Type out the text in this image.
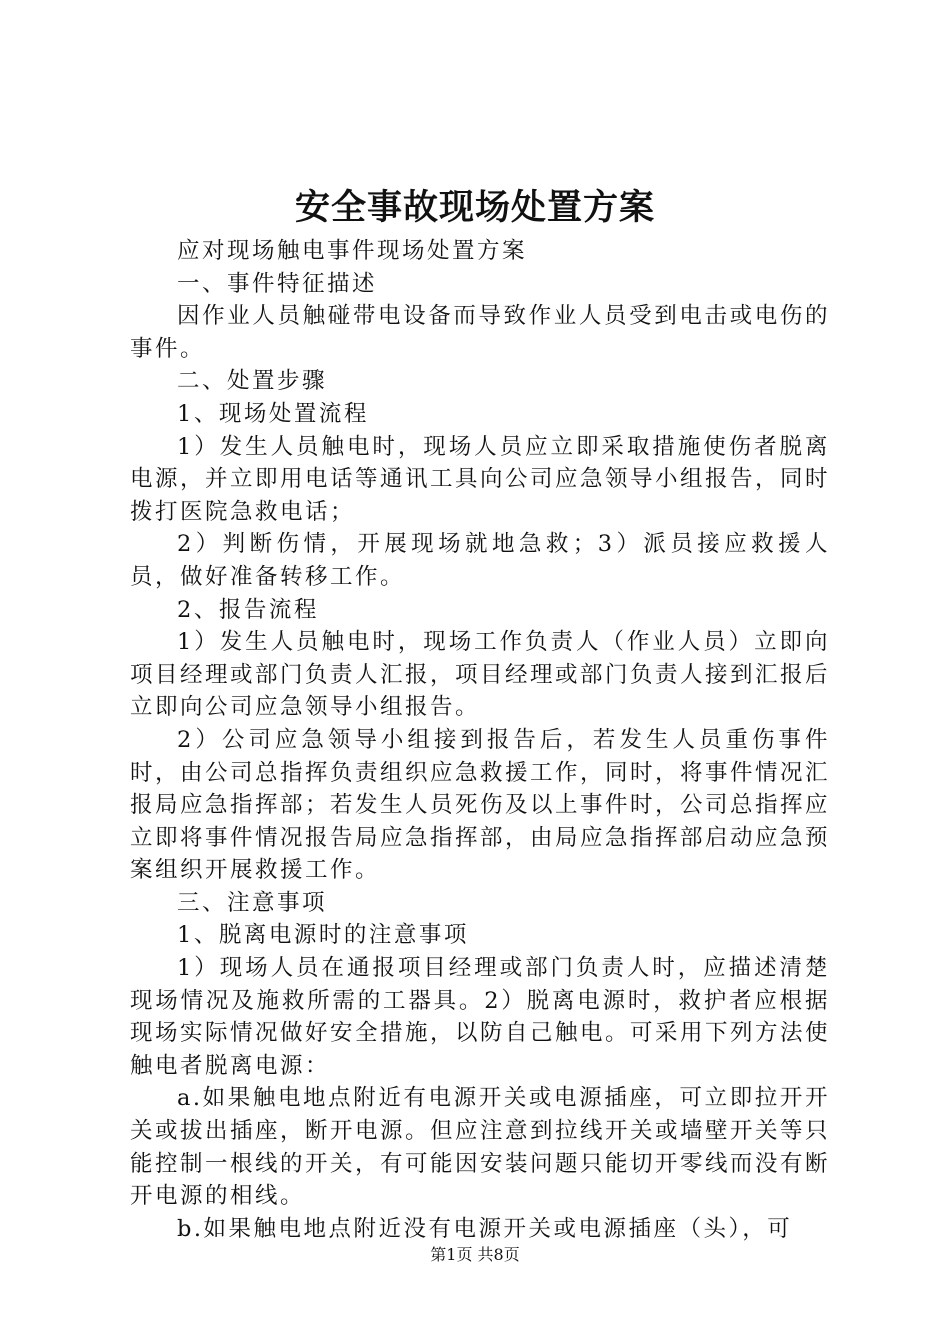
安全事故现场处置方案

应对现场触电事件现场处置方案

一、事件特征描述

因作业人员触碰带电设备而导致作业人员受到电击或电伤的事件。

二、处置步骤

1、现场处置流程

1）发生人员触电时，现场人员应立即采取措施使伤者脱离电源，并立即用电话等通讯工具向公司应急领导小组报告，同时拨打医院急救电话；

2）判断伤情，开展现场就地急救；3）派员接应救援人员，做好准备转移工作。

2、报告流程

1）发生人员触电时，现场工作负责人（作业人员）立即向项目经理或部门负责人汇报，项目经理或部门负责人接到汇报后立即向公司应急领导小组报告。

2）公司应急领导小组接到报告后，若发生人员重伤事件时，由公司总指挥负责组织应急救援工作，同时，将事件情况汇报局应急指挥部；若发生人员死伤及以上事件时，公司总指挥应立即将事件情况报告局应急指挥部，由局应急指挥部启动应急预案组织开展救援工作。

三、注意事项

1、脱离电源时的注意事项

1）现场人员在通报项目经理或部门负责人时，应描述清楚现场情况及施救所需的工器具。2）脱离电源时，救护者应根据现场实际情况做好安全措施，以防自己触电。可采用下列方法使触电者脱离电源：

a.如果触电地点附近有电源开关或电源插座，可立即拉开开关或拔出插座，断开电源。但应注意到拉线开关或墙壁开关等只能控制一根线的开关，有可能因安装问题只能切开零线而没有断开电源的相线。

b.如果触电地点附近没有电源开关或电源插座（头），可

第1页 共8页
